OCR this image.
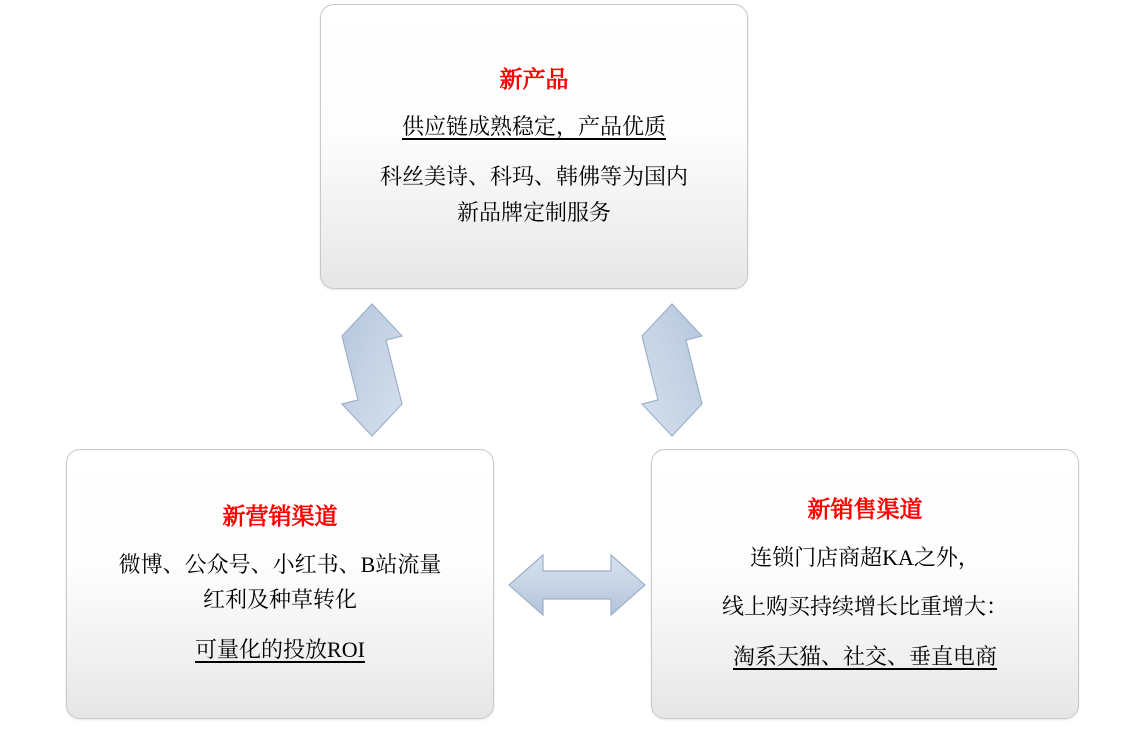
新产品
供应链成熟稳定，产品优质
科丝美诗、科玛、韩佛等为国内
新品牌定制服务
新营销渠道
微博、公众号、小红书、B站流量
红利及种草转化
可量化的投放ROI
新销售渠道
连锁门店商超KA之外，
线上购买持续增长比重增大：
淘系天猫、社交、垂直电商
